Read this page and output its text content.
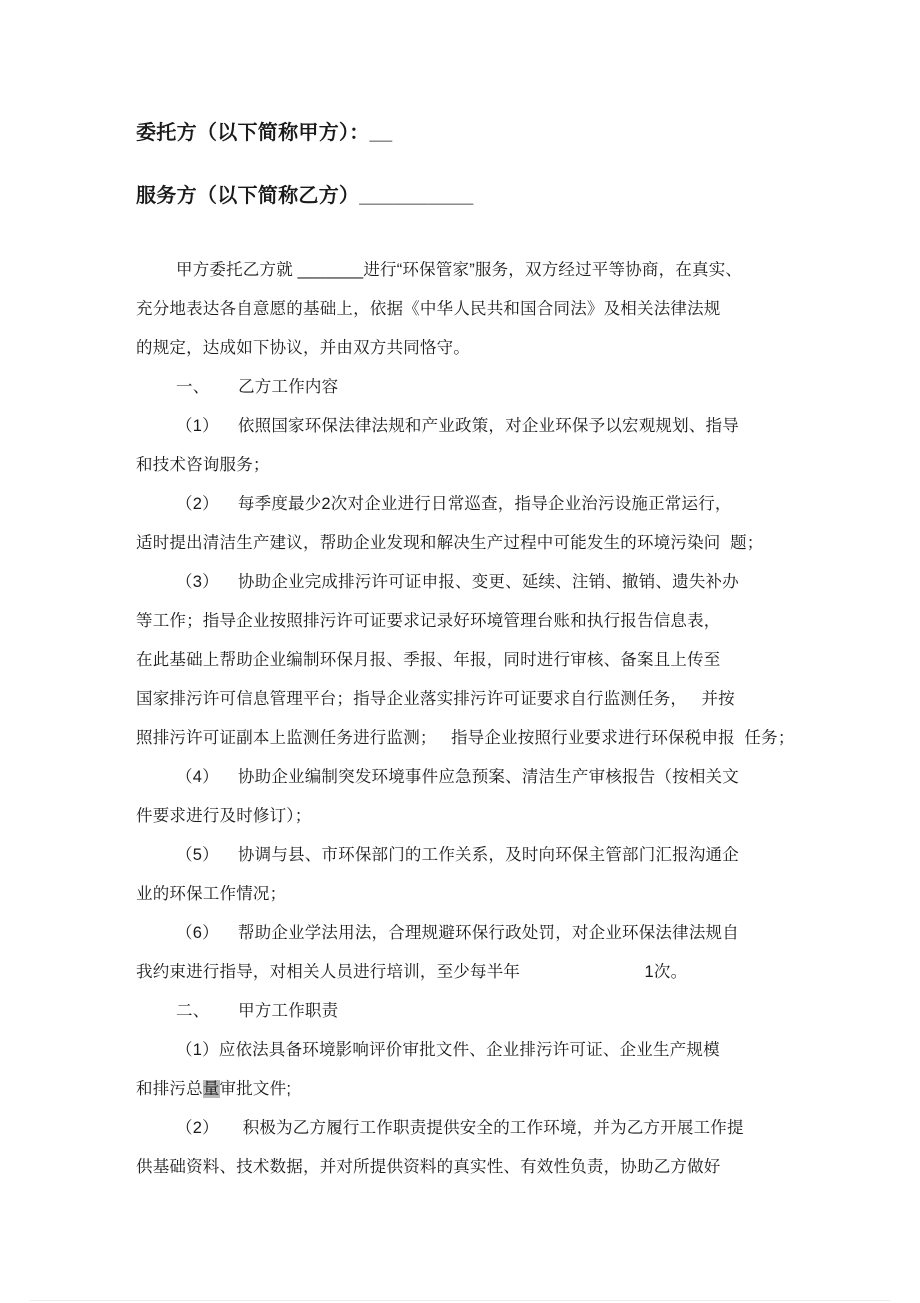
委托方（以下简称甲方）：__
服务方（以下简称乙方）__________
甲方委托乙方就 _______进行“环保管家”服务，双方经过平等协商，在真实、
充分地表达各自意愿的基础上，依据《中华人民共和国合同法》及相关法律法规
的规定，达成如下协议，并由双方共同恪守。
一、      乙方工作内容
（1）    依照国家环保法律法规和产业政策，对企业环保予以宏观规划、指导
和技术咨询服务；
（2）    每季度最少2次对企业进行日常巡查，指导企业治污设施正常运行，
适时提出清洁生产建议，帮助企业发现和解决生产过程中可能发生的环境污染问  题；
（3）    协助企业完成排污许可证申报、变更、延续、注销、撤销、遗失补办
等工作；指导企业按照排污许可证要求记录好环境管理台账和执行报告信息表，
在此基础上帮助企业编制环保月报、季报、年报，同时进行审核、备案且上传至
国家排污许可信息管理平台；指导企业落实排污许可证要求自行监测任务，   并按
照排污许可证副本上监测任务进行监测；   指导企业按照行业要求进行环保税申报  任务；
（4）    协助企业编制突发环境事件应急预案、清洁生产审核报告（按相关文
件要求进行及时修订）；
（5）    协调与县、市环保部门的工作关系，及时向环保主管部门汇报沟通企
业的环保工作情况；
（6）    帮助企业学法用法，合理规避环保行政处罚，对企业环保法律法规自
我约束进行指导，对相关人员进行培训，至少每半年                          1次。
二、      甲方工作职责
（1）应依法具备环境影响评价审批文件、企业排污许可证、企业生产规模
和排污总量审批文件;
（2）     积极为乙方履行工作职责提供安全的工作环境，并为乙方开展工作提
供基础资料、技术数据，并对所提供资料的真实性、有效性负责，协助乙方做好
